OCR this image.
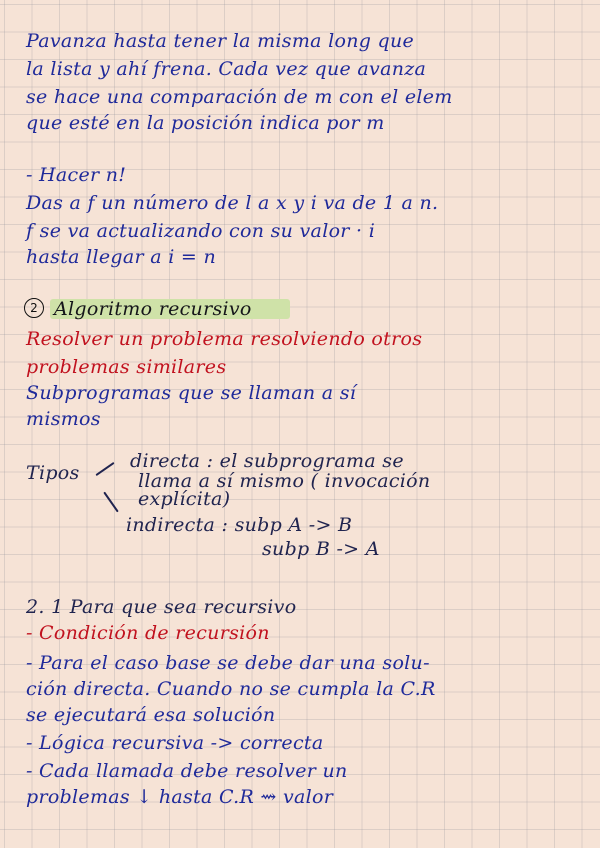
Pavanza hasta tener la misma long que
la lista y ahí frena. Cada vez que avanza
se hace una comparación de m con el elem
que esté en la posición indica por m
- Hacer n!
Das a f un número de l a x y i va de 1 a n.
f se va actualizando con su valor · i
hasta llegar a i = n
2 Algoritmo recursivo
Resolver un problema resolviendo otros
problemas similares
Subprogramas que se llaman a sí
mismos
Tipos
directa : el subprograma se
llama a sí mismo ( invocación
explícita)
indirecta : subp A -> B
subp B -> A
2. 1 Para que sea recursivo
- Condición de recursión
- Para el caso base se debe dar una solu-
ción directa. Cuando no se cumpla la C.R
se ejecutará esa solución
- Lógica recursiva -> correcta
- Cada llamada debe resolver un
problemas ↓ hasta C.R ⇝ valor
